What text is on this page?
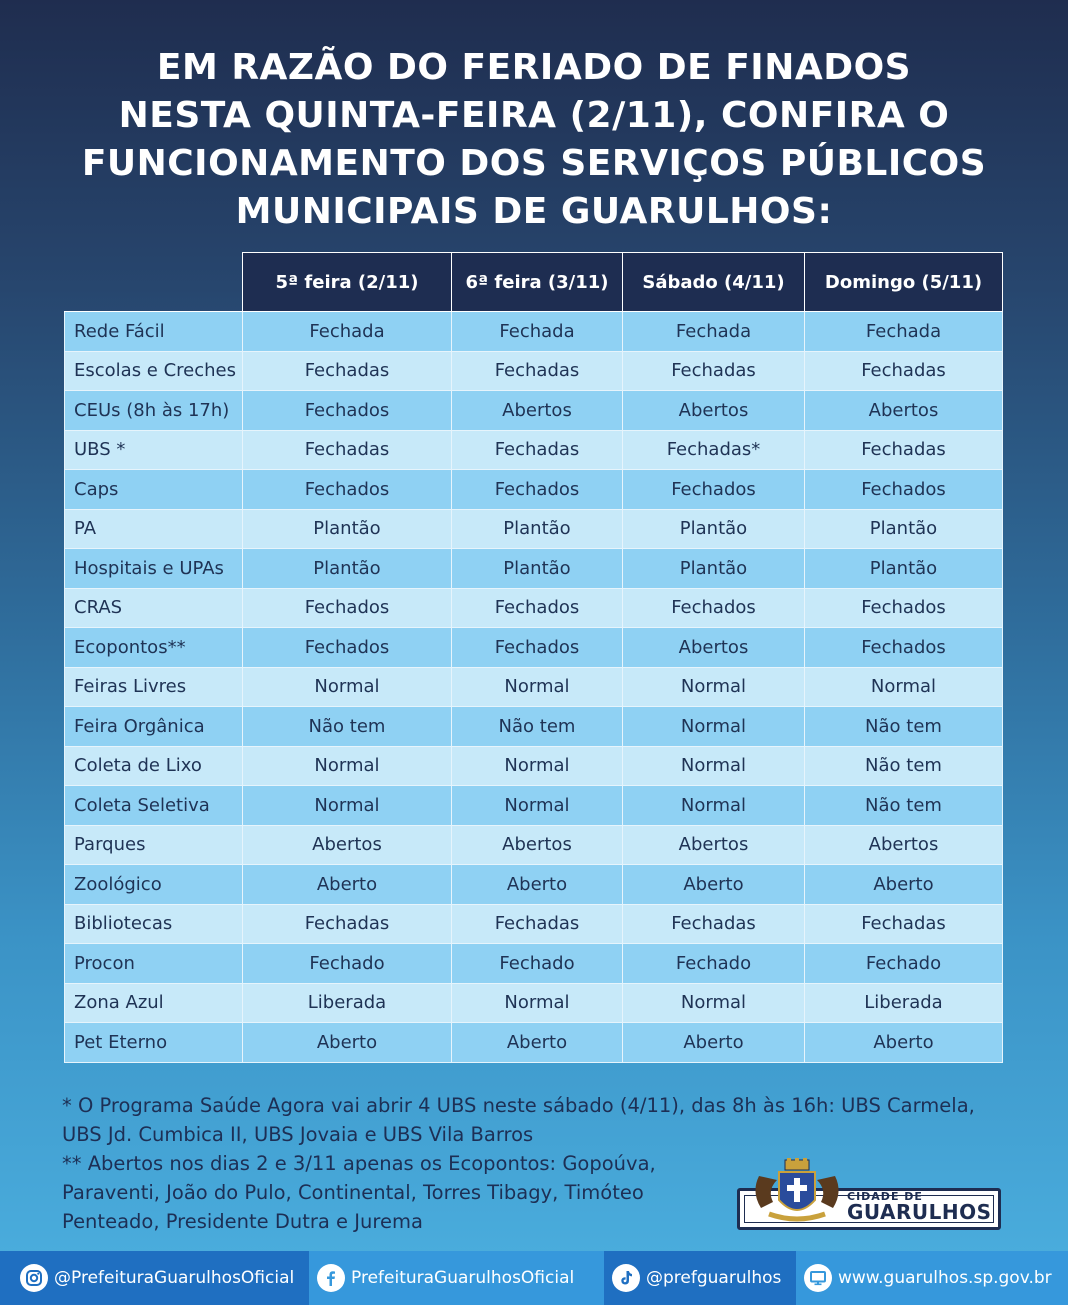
EM RAZÃO DO FERIADO DE FINADOS
NESTA QUINTA-FEIRA (2/11), CONFIRA O
FUNCIONAMENTO DOS SERVIÇOS PÚBLICOS
MUNICIPAIS DE GUARULHOS:
	5ª feira (2/11)	6ª feira (3/11)	Sábado (4/11)	Domingo (5/11)
Rede Fácil	Fechada	Fechada	Fechada	Fechada
Escolas e Creches	Fechadas	Fechadas	Fechadas	Fechadas
CEUs (8h às 17h)	Fechados	Abertos	Abertos	Abertos
UBS *	Fechadas	Fechadas	Fechadas*	Fechadas
Caps	Fechados	Fechados	Fechados	Fechados
PA	Plantão	Plantão	Plantão	Plantão
Hospitais e UPAs	Plantão	Plantão	Plantão	Plantão
CRAS	Fechados	Fechados	Fechados	Fechados
Ecopontos**	Fechados	Fechados	Abertos	Fechados
Feiras Livres	Normal	Normal	Normal	Normal
Feira Orgânica	Não tem	Não tem	Normal	Não tem
Coleta de Lixo	Normal	Normal	Normal	Não tem
Coleta Seletiva	Normal	Normal	Normal	Não tem
Parques	Abertos	Abertos	Abertos	Abertos
Zoológico	Aberto	Aberto	Aberto	Aberto
Bibliotecas	Fechadas	Fechadas	Fechadas	Fechadas
Procon	Fechado	Fechado	Fechado	Fechado
Zona Azul	Liberada	Normal	Normal	Liberada
Pet Eterno	Aberto	Aberto	Aberto	Aberto

* O Programa Saúde Agora vai abrir 4 UBS neste sábado (4/11), das 8h às 16h: UBS Carmela, UBS Jd. Cumbica II, UBS Jovaia e UBS Vila Barros

** Abertos nos dias 2 e 3/11 apenas os Ecopontos: Gopoúva, Paraventi, João do Pulo, Continental, Torres Tibagy, Timóteo Penteado, Presidente Dutra e Jurema

CIDADE DE
GUARULHOS
@PrefeituraGuarulhosOficial	PrefeituraGuarulhosOficial	@prefguarulhos	www.guarulhos.sp.gov.br
